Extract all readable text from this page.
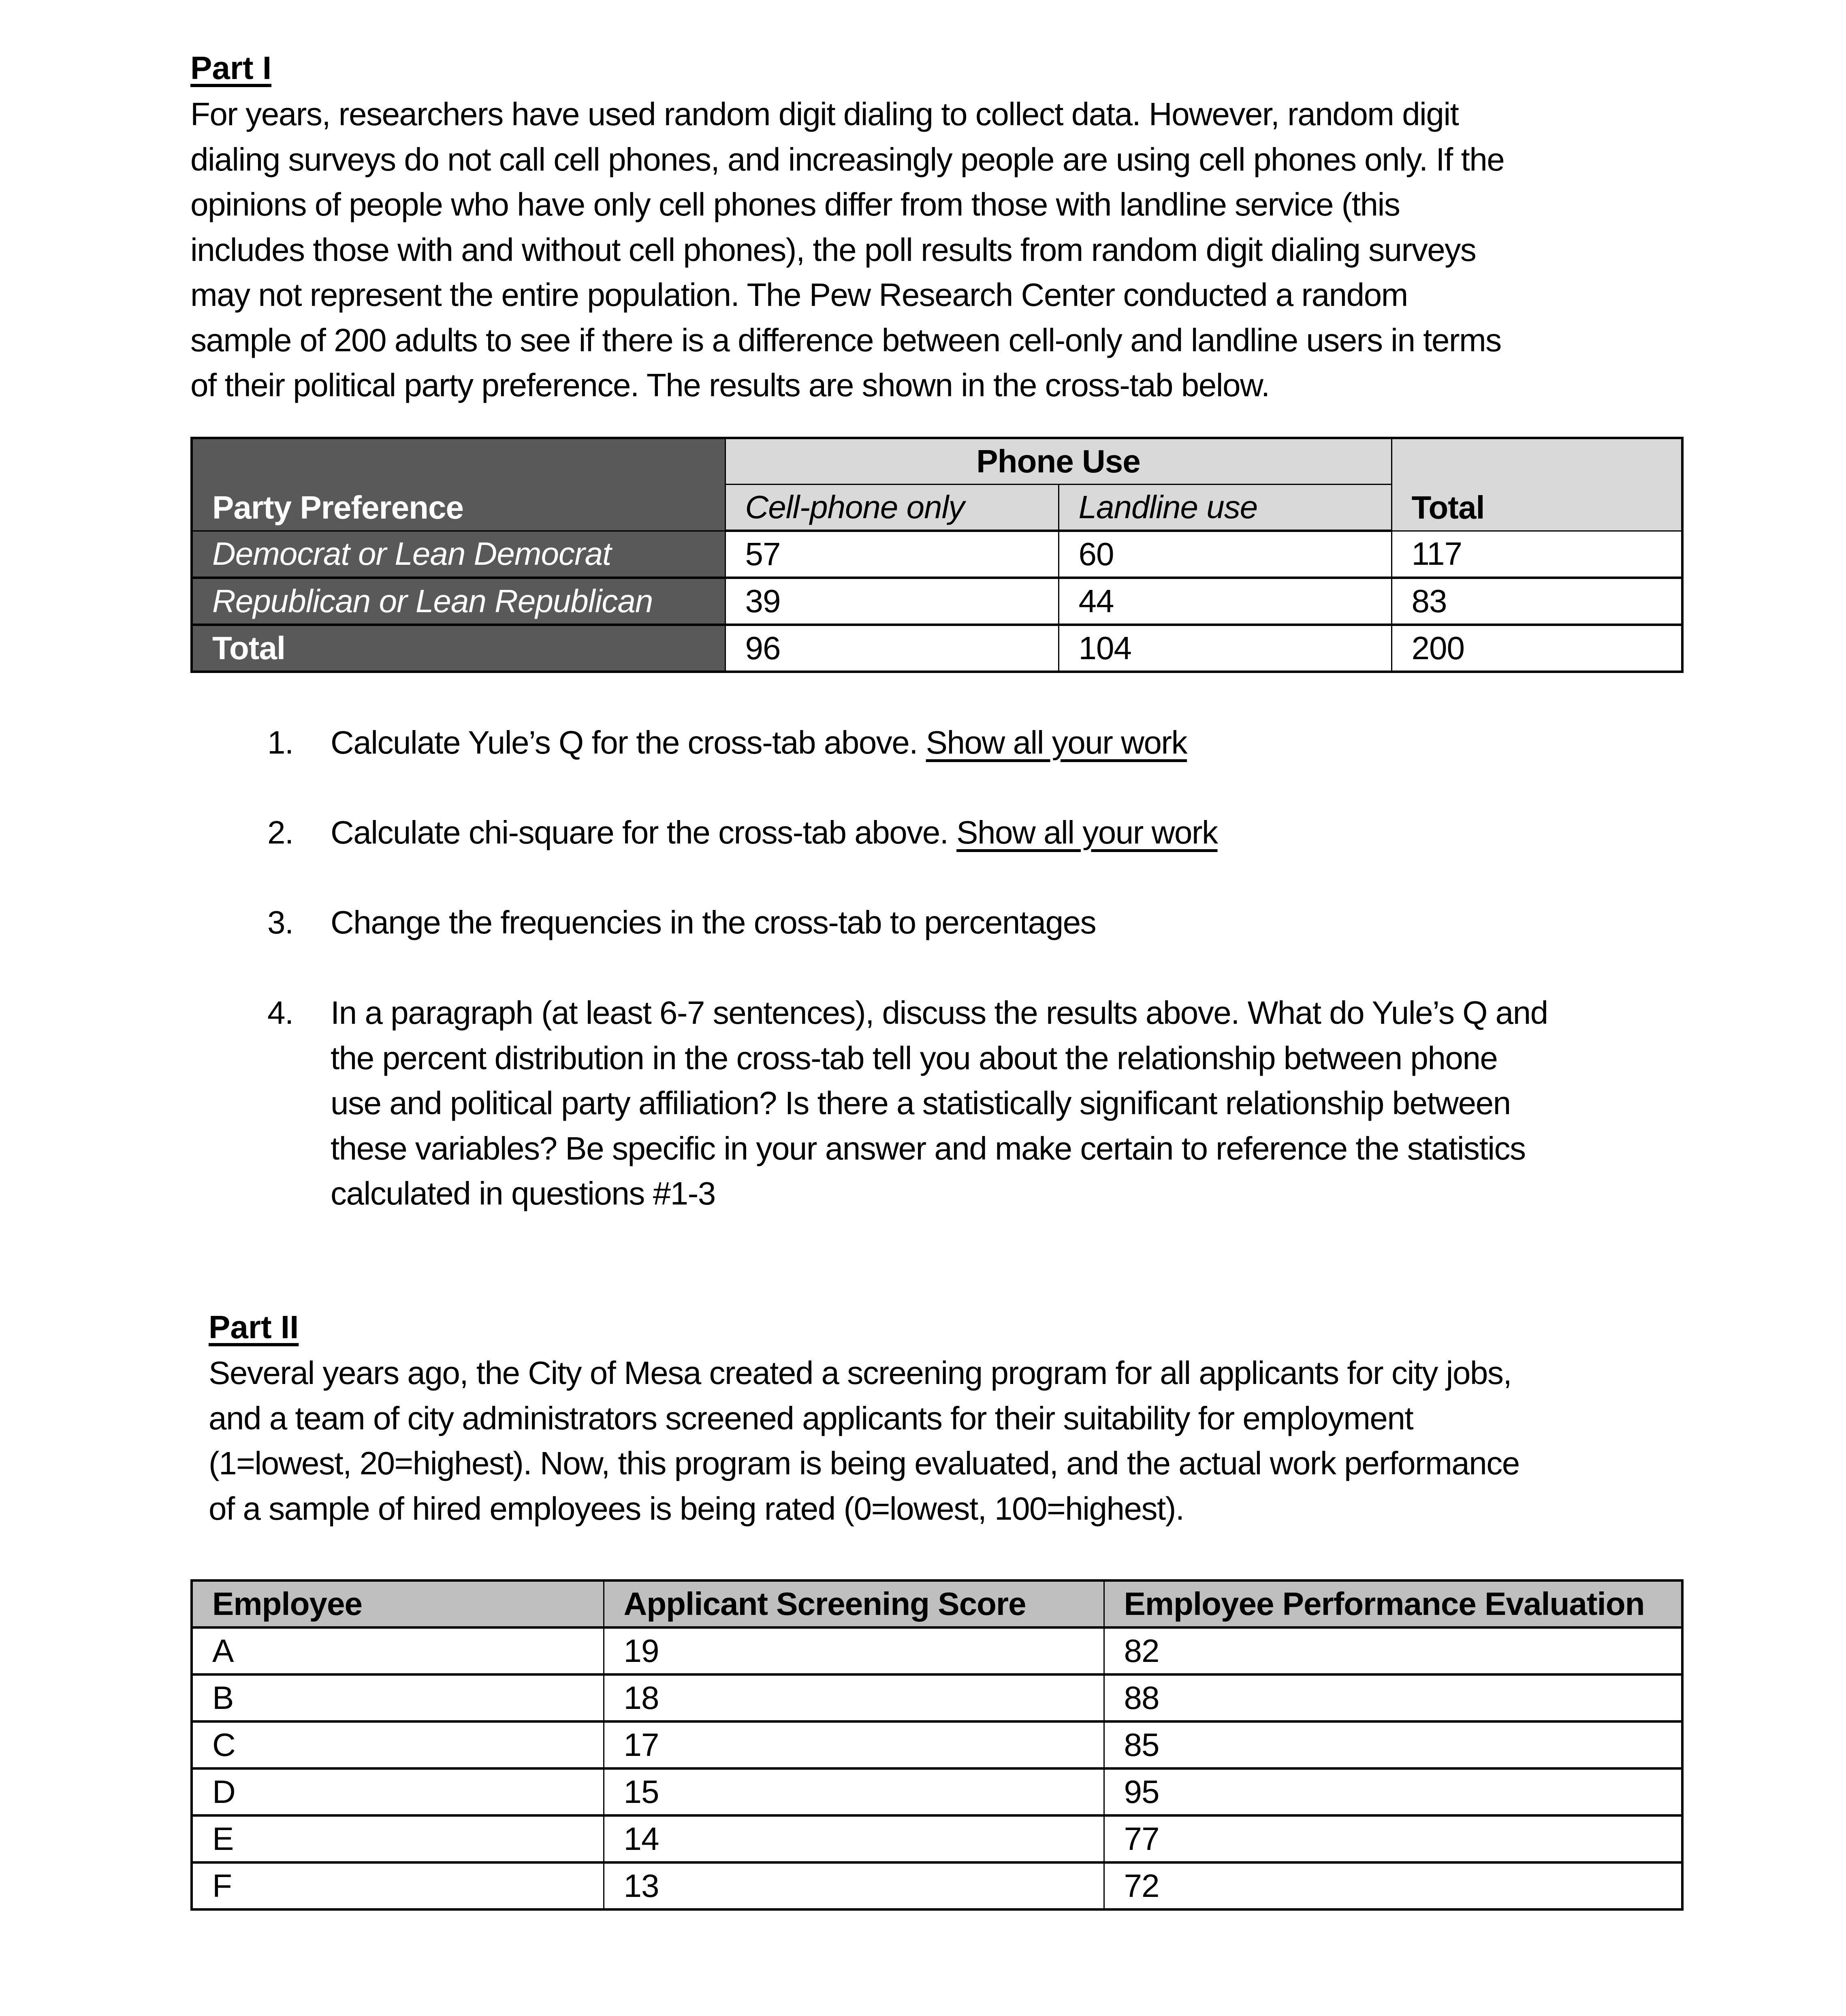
Part I
For years, researchers have used random digit dialing to collect data. However, random digit
dialing surveys do not call cell phones, and increasingly people are using cell phones only. If the
opinions of people who have only cell phones differ from those with landline service (this
includes those with and without cell phones), the poll results from random digit dialing surveys
may not represent the entire population. The Pew Research Center conducted a random
sample of 200 adults to see if there is a difference between cell-only and landline users in terms
of their political party preference. The results are shown in the cross-tab below.
Party Preference	Phone Use		Total
	Cell-phone only	Landline use	
Democrat or Lean Democrat	57	60	117
Republican or Lean Republican	39	44	83
Total	96	104	200
1. Calculate Yule’s Q for the cross-tab above. Show all your work
2. Calculate chi-square for the cross-tab above. Show all your work
3. Change the frequencies in the cross-tab to percentages
4. In a paragraph (at least 6-7 sentences), discuss the results above. What do Yule’s Q and
the percent distribution in the cross-tab tell you about the relationship between phone
use and political party affiliation? Is there a statistically significant relationship between
these variables? Be specific in your answer and make certain to reference the statistics
calculated in questions #1-3
Part II
Several years ago, the City of Mesa created a screening program for all applicants for city jobs,
and a team of city administrators screened applicants for their suitability for employment
(1=lowest, 20=highest). Now, this program is being evaluated, and the actual work performance
of a sample of hired employees is being rated (0=lowest, 100=highest).
Employee	Applicant Screening Score	Employee Performance Evaluation
A	19	82
B	18	88
C	17	85
D	15	95
E	14	77
F	13	72
